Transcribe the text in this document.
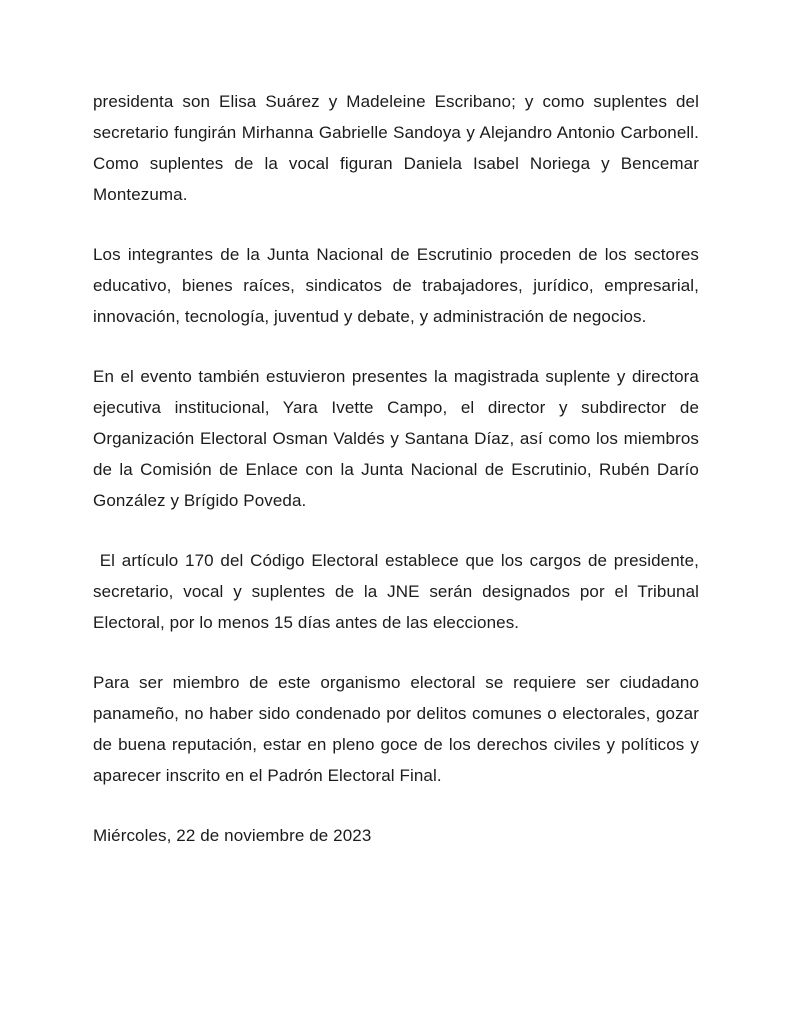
presidenta son Elisa Suárez y Madeleine Escribano; y como suplentes del secretario fungirán Mirhanna Gabrielle Sandoya y Alejandro Antonio Carbonell. Como suplentes de la vocal figuran Daniela Isabel Noriega y Bencemar Montezuma.

Los integrantes de la Junta Nacional de Escrutinio proceden de los sectores educativo, bienes raíces, sindicatos de trabajadores, jurídico, empresarial, innovación, tecnología, juventud y debate, y administración de negocios.

En el evento también estuvieron presentes la magistrada suplente y directora ejecutiva institucional, Yara Ivette Campo, el director y subdirector de Organización Electoral Osman Valdés y Santana Díaz, así como los miembros de la Comisión de Enlace con la Junta Nacional de Escrutinio, Rubén Darío González y Brígido Poveda.

El artículo 170 del Código Electoral establece que los cargos de presidente, secretario, vocal y suplentes de la JNE serán designados por el Tribunal Electoral, por lo menos 15 días antes de las elecciones.

Para ser miembro de este organismo electoral se requiere ser ciudadano panameño, no haber sido condenado por delitos comunes o electorales, gozar de buena reputación, estar en pleno goce de los derechos civiles y políticos y aparecer inscrito en el Padrón Electoral Final.

Miércoles, 22 de noviembre de 2023
